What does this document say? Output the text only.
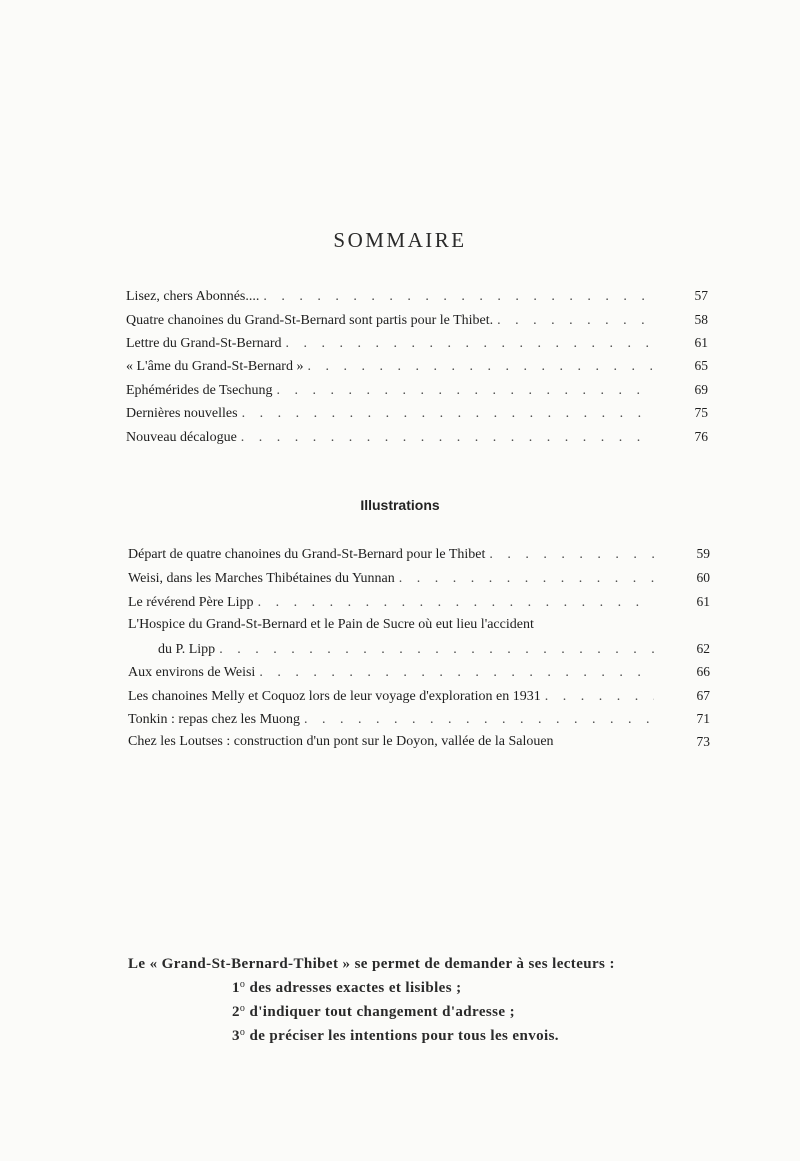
SOMMAIRE
Lisez, chers Abonnés.... . . .	57
Quatre chanoines du Grand-St-Bernard sont partis pour le Thibet. . . .	58
Lettre du Grand-St-Bernard . . .	61
« L'âme du Grand-St-Bernard » . . .	65
Ephémérides de Tsechung . . .	69
Dernières nouvelles . . .	75
Nouveau décalogue . . .	76
Illustrations
Départ de quatre chanoines du Grand-St-Bernard pour le Thibet . . .	59
Weisi, dans les Marches Thibétaines du Yunnan . . .	60
Le révérend Père Lipp . . .	61
L'Hospice du Grand-St-Bernard et le Pain de Sucre où eut lieu l'accident
du P. Lipp . . .	62
Aux environs de Weisi . . .	66
Les chanoines Melly et Coquoz lors de leur voyage d'exploration en 1931 . . .	67
Tonkin : repas chez les Muong . . .	71
Chez les Loutses : construction d'un pont sur le Doyon, vallée de la Salouen	73
Le « Grand-St-Bernard-Thibet » se permet de demander à ses lecteurs :
1$^o$ des adresses exactes et lisibles ;
2$^o$ d'indiquer tout changement d'adresse ;
3$^o$ de préciser les intentions pour tous les envois.
